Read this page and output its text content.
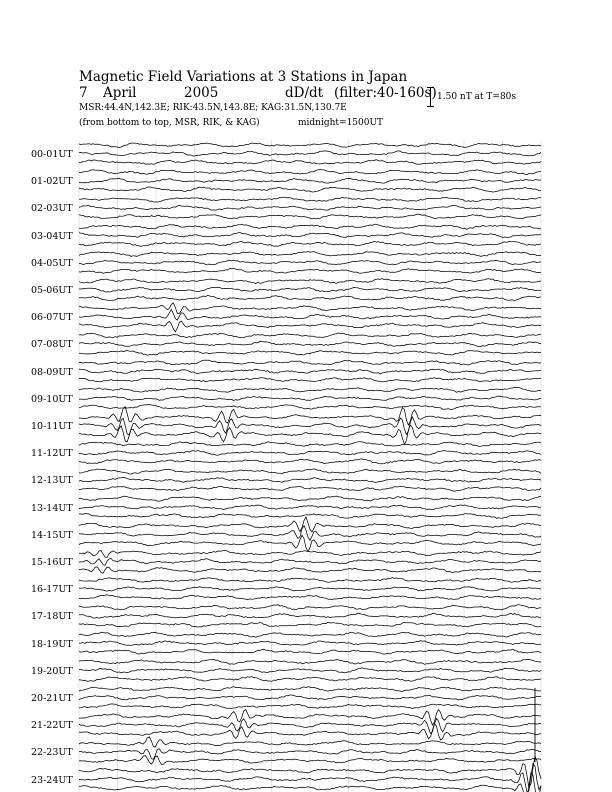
Magnetic Field Variations at 3 Stations in Japan
7 April	2005	dD/dt (filter:40-160s)
MSR:44.4N,142.3E; RIK:43.5N,143.8E; KAG:31.5N,130.7E
(from bottom to top, MSR, RIK, & KAG)	midnight=1500UT
1.50 nT at T=80s
00-01UT
01-02UT
02-03UT
03-04UT
04-05UT
05-06UT
06-07UT
07-08UT
08-09UT
09-10UT
10-11UT
11-12UT
12-13UT
13-14UT
14-15UT
15-16UT
16-17UT
17-18UT
18-19UT
19-20UT
20-21UT
21-22UT
22-23UT
23-24UT
